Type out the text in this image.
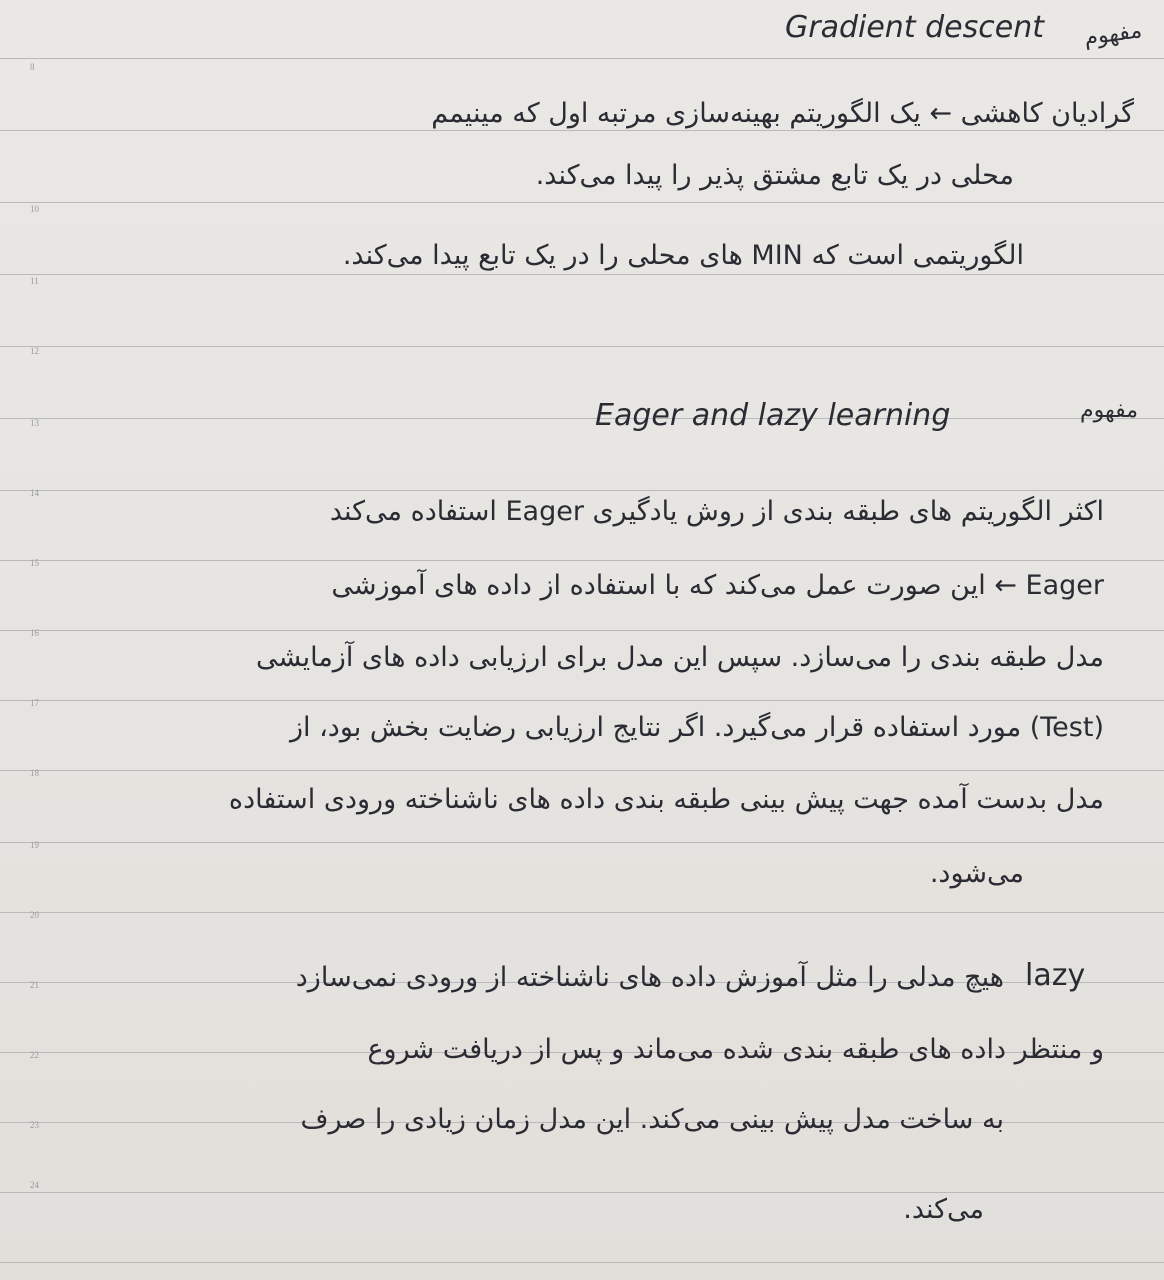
8
10
11
12
13
14
15
16
17
18
19
20
21
22
23
24
Gradient descent مفهوم
گرادیان کاهشی ← یک الگوریتم بهینه‌سازی مرتبه اول که مینیمم
محلی در یک تابع مشتق پذیر را پیدا می‌کند.
الگوریتمی است که MIN های محلی را در یک تابع پیدا می‌کند.
Eager and lazy learning	مفهوم
اکثر الگوریتم های طبقه بندی از روش یادگیری Eager استفاده می‌کند
Eager ← این صورت عمل می‌کند که با استفاده از داده های آموزشی
مدل طبقه بندی را می‌سازد. سپس این مدل برای ارزیابی داده های آزمایشی
(Test) مورد استفاده قرار می‌گیرد. اگر نتایج ارزیابی رضایت بخش بود، از
مدل بدست آمده جهت پیش بینی طبقه بندی داده های ناشناخته ورودی استفاده
می‌شود.
lazy
هیچ مدلی را مثل آموزش داده های ناشناخته از ورودی نمی‌سازد
و منتظر داده های طبقه بندی شده می‌ماند و پس از دریافت شروع
به ساخت مدل پیش بینی می‌کند. این مدل زمان زیادی را صرف
می‌کند.
